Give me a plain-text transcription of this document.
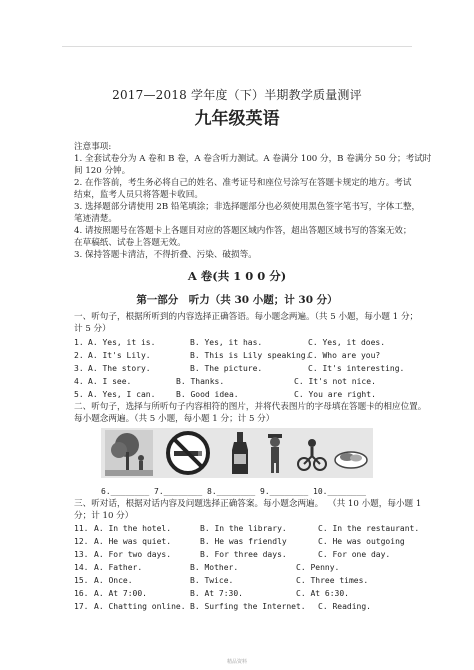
2017—2018 学年度（下）半期教学质量测评
九年级英语
注意事项:
1. 全套试卷分为 A 卷和 B 卷，A 卷含听力测试。A 卷满分 100 分，B 卷满分 50 分；考试时
间 120 分钟。
2. 在作答前，考生务必将自己的姓名、准考证号和座位号涂写在答题卡规定的地方。考试
结束，监考人员只将答题卡收回。
3. 选择题部分请使用 2B 铅笔填涂；非选择题部分也必须使用黑色签字笔书写，字体工整，
笔迹清楚。
4. 请按照题号在答题卡上各题目对应的答题区域内作答，超出答题区域书写的答案无效；
在草稿纸、试卷上答题无效。
3. 保持答题卡清洁，不得折叠、污染、破损等。
A 卷(共 1 0 0 分)
第一部分　听力（共 30 小题；计 30 分）
一、听句子，根据所听到的内容选择正确答语。每小题念两遍。（共 5 小题，每小题 1 分；
计 5 分）
1. A. Yes, it is.	B. Yes, it has.	C. Yes, it does.
2. A. It's Lily.	B. This is Lily speaking.
C. Who are you?
3. A. The story.	B. The picture.	C. It's interesting.
4. A. I see.	B. Thanks.	C. It's not nice.
5. A. Yes, I can.	B. Good idea.	C. You are right.
二、听句子，选择与所听句子内容相符的图片，并将代表图片的字母填在答题卡的相应位置。
每小题念两遍。（共 5 小题，每小题 1 分；计 5 分）
6.________ 7.________ 8.________ 9.________ 10.________
三、听对话，根据对话内容及问题选择正确答案。每小题念两遍。 （共 10 小题，每小题 1
分；计 10 分）
11. A. In the hotel.	B. In the library.	C. In the restaurant.
12. A. He was quiet.	B. He was friendly	C. He was outgoing
13. A. For two days.	B. For three days.	C. For one day.
14. A. Father.	B. Mother.	C. Penny.
15. A. Once.	B. Twice.	C. Three times.
16. A. At 7:00.	B. At 7:30.	C. At 6:30.
17. A. Chatting online. B. Surfing the Internet. C. Reading.
精品资料
